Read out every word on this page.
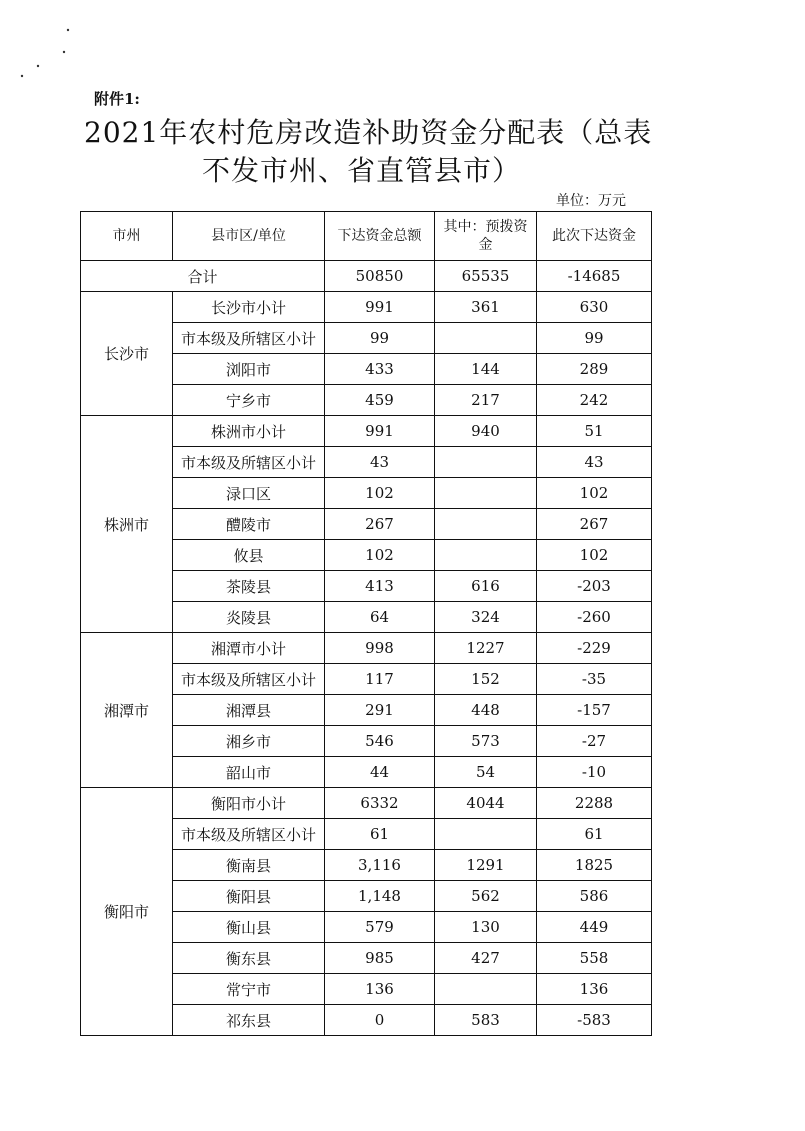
附件1:
2021年农村危房改造补助资金分配表（总表
不发市州、省直管县市）
单位：万元
市州	县市区/单位	下达资金总额	其中：预拨资金	此次下达资金
合计		50850	65535	-14685
长沙市	长沙市小计	991	361	630
	市本级及所辖区小计	99		99
	浏阳市	433	144	289
	宁乡市	459	217	242
株洲市	株洲市小计	991	940	51
	市本级及所辖区小计	43		43
	渌口区	102		102
	醴陵市	267		267
	攸县	102		102
	茶陵县	413	616	-203
	炎陵县	64	324	-260
湘潭市	湘潭市小计	998	1227	-229
	市本级及所辖区小计	117	152	-35
	湘潭县	291	448	-157
	湘乡市	546	573	-27
	韶山市	44	54	-10
衡阳市	衡阳市小计	6332	4044	2288
	市本级及所辖区小计	61		61
	衡南县	3,116	1291	1825
	衡阳县	1,148	562	586
	衡山县	579	130	449
	衡东县	985	427	558
	常宁市	136		136
	祁东县	0	583	-583
